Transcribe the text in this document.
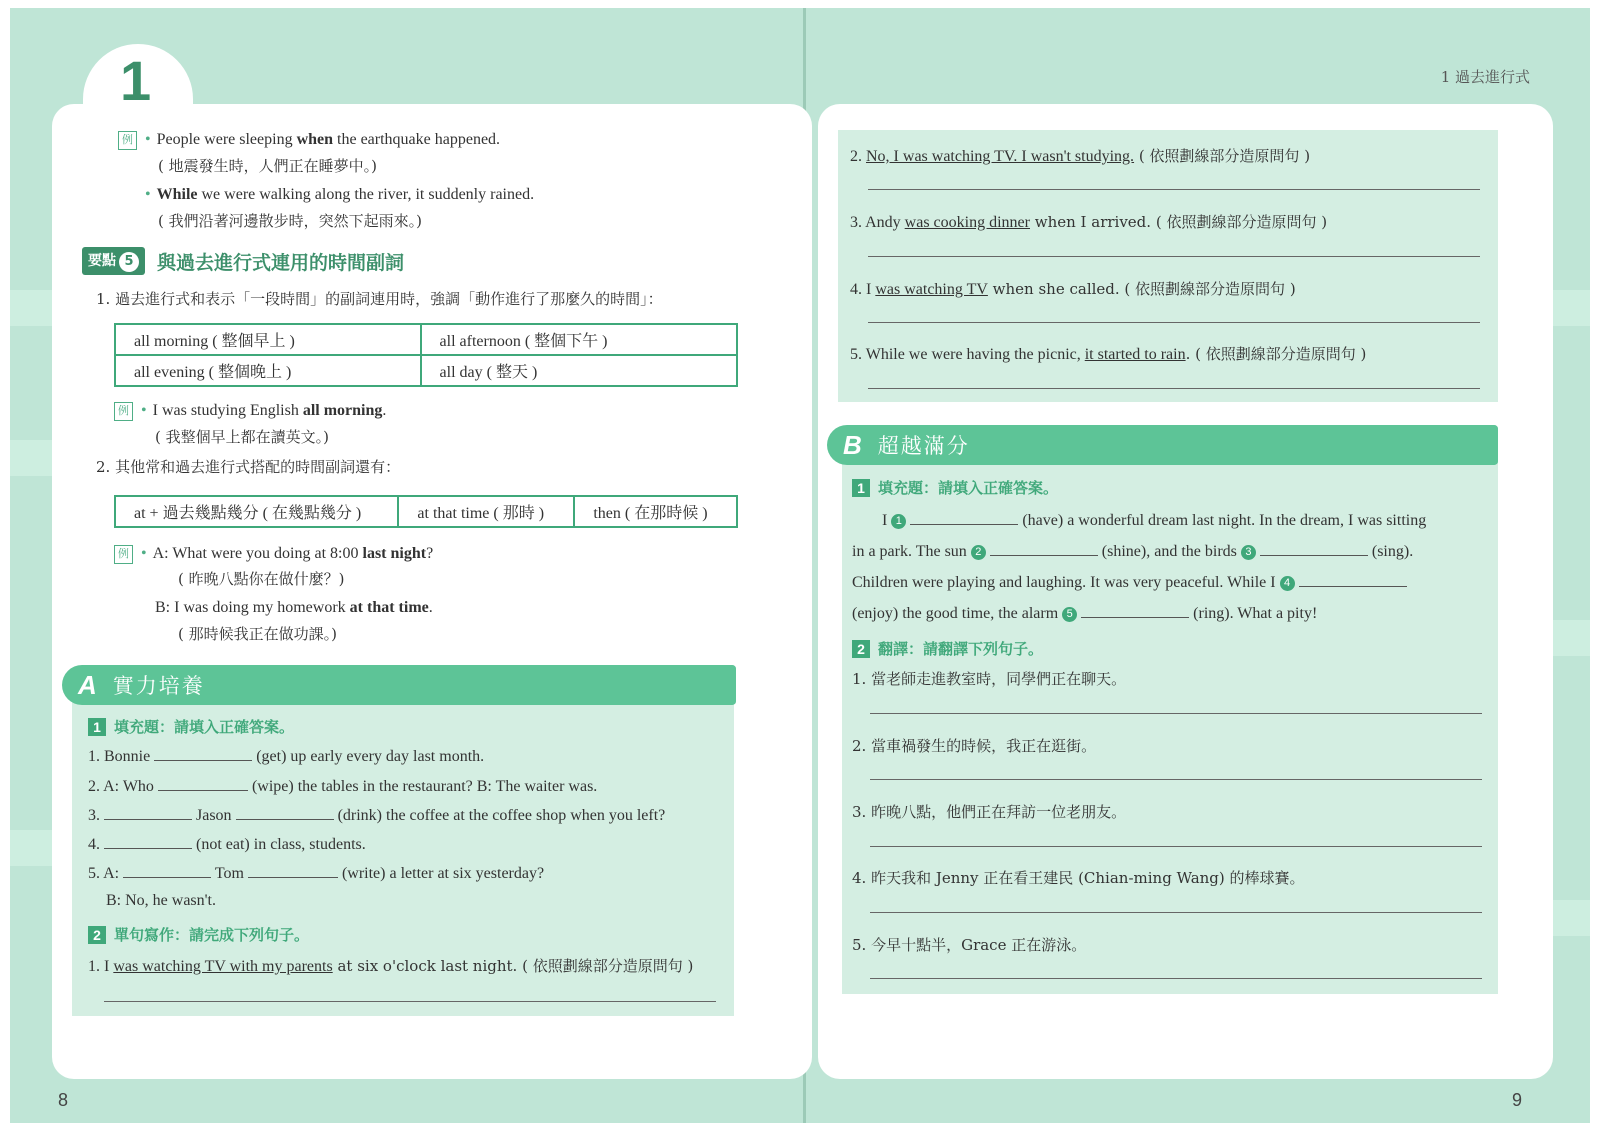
1	1 過去進行式
例 • People were sleeping when the earthquake happened.
( 地震發生時，人們正在睡夢中。)
• While we were walking along the river, it suddenly rained.
( 我們沿著河邊散步時，突然下起雨來。)
要點 5	與過去進行式連用的時間副詞
1. 過去進行式和表示「一段時間」的副詞連用時，強調「動作進行了那麼久的時間」：
all morning ( 整個早上 )	all afternoon ( 整個下午 )
all evening ( 整個晚上 )	all day ( 整天 )
例 • I was studying English all morning.
( 我整個早上都在讀英文。)
2. 其他常和過去進行式搭配的時間副詞還有：
at + 過去幾點幾分 ( 在幾點幾分 )	at that time ( 那時 )	then ( 在那時候 )
例 • A: What were you doing at 8:00 last night?
( 昨晚八點你在做什麼？)
B: I was doing my homework at that time.
( 那時候我正在做功課。)
A 實力培養
1 填充題：請填入正確答案。
1. Bonnie	(get) up early every day last month.
2. A: Who	(wipe) the tables in the restaurant? B: The waiter was.
3.	Jason	(drink) the coffee at the coffee shop when you left?
4.	(not eat) in class, students.
5. A:	Tom	(write) a letter at six yesterday?
B: No, he wasn't.
2 單句寫作：請完成下列句子。
1. I was watching TV with my parents at six o'clock last night. ( 依照劃線部分造原問句 )
2. No, I was watching TV. I wasn't studying. ( 依照劃線部分造原問句 )
3. Andy was cooking dinner when I arrived. ( 依照劃線部分造原問句 )
4. I was watching TV when she called. ( 依照劃線部分造原問句 )
5. While we were having the picnic, it started to rain. ( 依照劃線部分造原問句 )
B 超越滿分
1 填充題：請填入正確答案。
I 1	(have) a wonderful dream last night. In the dream, I was sitting
in a park. The sun 2	(shine), and the birds 3	(sing).
Children were playing and laughing. It was very peaceful. While I 4
(enjoy) the good time, the alarm 5	(ring). What a pity!
2 翻譯：請翻譯下列句子。
1. 當老師走進教室時，同學們正在聊天。
2. 當車禍發生的時候，我正在逛街。
3. 昨晚八點，他們正在拜訪一位老朋友。
4. 昨天我和 Jenny 正在看王建民 (Chian-ming Wang) 的棒球賽。
5. 今早十點半，Grace 正在游泳。
8	9
